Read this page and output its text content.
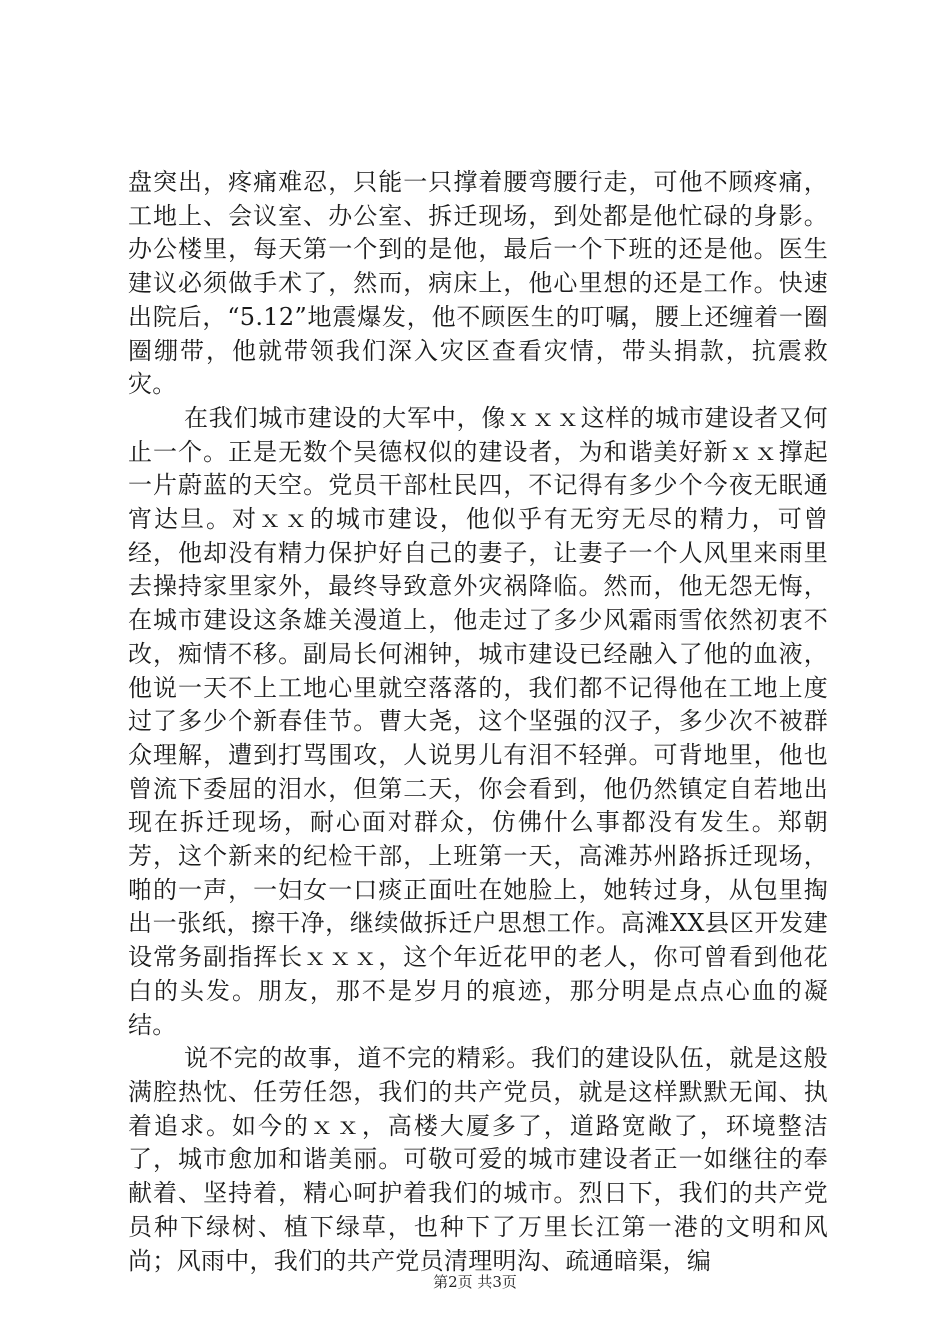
盘突出，疼痛难忍，只能一只撑着腰弯腰行走，可他不顾疼痛，工地上、会议室、办公室、拆迁现场，到处都是他忙碌的身影。办公楼里，每天第一个到的是他，最后一个下班的还是他。医生建议必须做手术了，然而，病床上，他心里想的还是工作。快速出院后，“5.12”地震爆发，他不顾医生的叮嘱，腰上还缠着一圈圈绷带，他就带领我们深入灾区查看灾情，带头捐款，抗震救灾。

在我们城市建设的大军中，像ｘｘｘ这样的城市建设者又何止一个。正是无数个吴德权似的建设者，为和谐美好新ｘｘ撑起一片蔚蓝的天空。党员干部杜民四，不记得有多少个今夜无眠通宵达旦。对ｘｘ的城市建设，他似乎有无穷无尽的精力，可曾经，他却没有精力保护好自己的妻子，让妻子一个人风里来雨里去操持家里家外，最终导致意外灾祸降临。然而，他无怨无悔，在城市建设这条雄关漫道上，他走过了多少风霜雨雪依然初衷不改，痴情不移。副局长何湘钟，城市建设已经融入了他的血液，他说一天不上工地心里就空落落的，我们都不记得他在工地上度过了多少个新春佳节。曹大尧，这个坚强的汉子，多少次不被群众理解，遭到打骂围攻，人说男儿有泪不轻弹。可背地里，他也曾流下委屈的泪水，但第二天，你会看到，他仍然镇定自若地出现在拆迁现场，耐心面对群众，仿佛什么事都没有发生。郑朝芳，这个新来的纪检干部，上班第一天，高滩苏州路拆迁现场，啪的一声，一妇女一口痰正面吐在她脸上，她转过身，从包里掏出一张纸，擦干净，继续做拆迁户思想工作。高滩XX县区开发建设常务副指挥长ｘｘｘ，这个年近花甲的老人，你可曾看到他花白的头发。朋友，那不是岁月的痕迹，那分明是点点心血的凝结。

说不完的故事，道不完的精彩。我们的建设队伍，就是这般满腔热忱、任劳任怨，我们的共产党员，就是这样默默无闻、执着追求。如今的ｘｘ，高楼大厦多了，道路宽敞了，环境整洁了，城市愈加和谐美丽。可敬可爱的城市建设者正一如继往的奉献着、坚持着，精心呵护着我们的城市。烈日下，我们的共产党员种下绿树、植下绿草，也种下了万里长江第一港的文明和风尚；风雨中，我们的共产党员清理明沟、疏通暗渠，编

第2页 共3页
